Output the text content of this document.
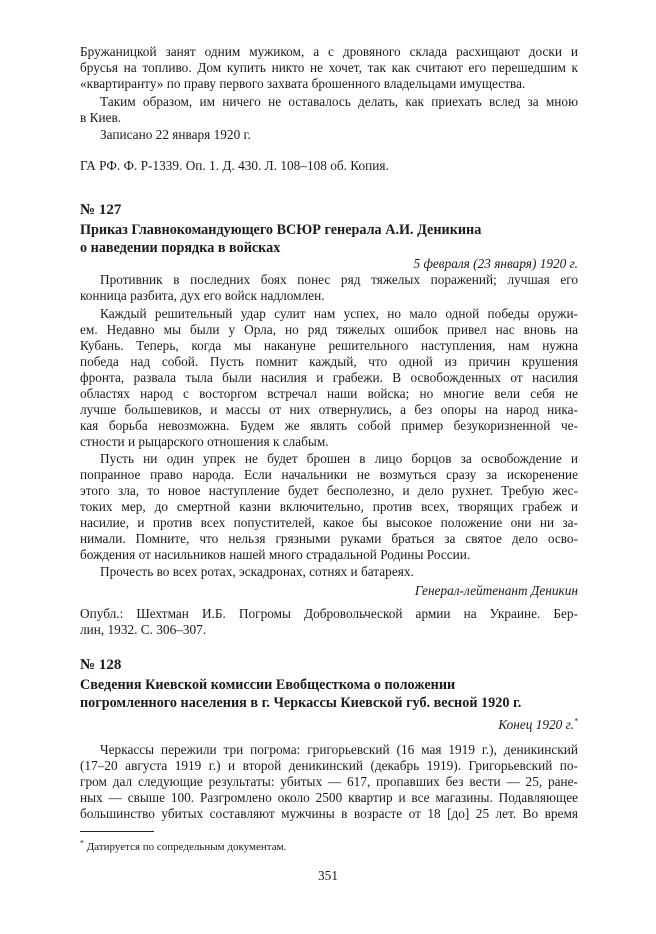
Бружаницкой занят одним мужиком, а с дровяного склада расхищают доски и
брусья на топливо. Дом купить никто не хочет, так как считают его перешедшим к
«квартиранту» по праву первого захвата брошенного владельцами имущества.

Таким образом, им ничего не оставалось делать, как приехать вслед за мною
в Киев.

Записано 22 января 1920 г.

ГА РФ. Ф. Р-1339. Оп. 1. Д. 430. Л. 108–108 об. Копия.

№ 127

Приказ Главнокомандующего ВСЮР генерала А.И. Деникина
о наведении порядка в войсках

5 февраля (23 января) 1920 г.

Противник в последних боях понес ряд тяжелых поражений; лучшая его
конница разбита, дух его войск надломлен.

Каждый решительный удар сулит нам успех, но мало одной победы оружи-
ем. Недавно мы были у Орла, но ряд тяжелых ошибок привел нас вновь на
Кубань. Теперь, когда мы накануне решительного наступления, нам нужна
победа над собой. Пусть помнит каждый, что одной из причин крушения
фронта, развала тыла были насилия и грабежи. В освобожденных от насилия
областях народ с восторгом встречал наши войска; но многие вели себя не
лучше большевиков, и массы от них отвернулись, а без опоры на народ ника-
кая борьба невозможна. Будем же являть собой пример безукоризненной че-
стности и рыцарского отношения к слабым.

Пусть ни один упрек не будет брошен в лицо борцов за освобождение и
попранное право народа. Если начальники не возмуться сразу за искоренение
этого зла, то новое наступление будет бесполезно, и дело рухнет. Требую жес-
токих мер, до смертной казни включительно, против всех, творящих грабеж и
насилие, и против всех попустителей, какое бы высокое положение они ни за-
нимали. Помните, что нельзя грязными руками браться за святое дело осво-
бождения от насильников нашей много страдальной Родины России.

Прочесть во всех ротах, эскадронах, сотнях и батареях.

Генерал-лейтенант Деникин

Опубл.: Шехтман И.Б. Погромы Добровольческой армии на Украине. Бер-
лин, 1932. С. 306–307.

№ 128

Сведения Киевской комиссии Евобщесткома о положении
погромленного населения в г. Черкассы Киевской губ. весной 1920 г.

Конец 1920 г.*

Черкассы пережили три погрома: григорьевский (16 мая 1919 г.), деникинский
(17–20 августа 1919 г.) и второй деникинский (декабрь 1919). Григорьевский по-
гром дал следующие результаты: убитых — 617, пропавших без вести — 25, ране-
ных — свыше 100. Разгромлено около 2500 квартир и все магазины. Подавляющее
большинство убитых составляют мужчины в возрасте от 18 [до] 25 лет. Во время

* Датируется по сопредельным документам.
351
